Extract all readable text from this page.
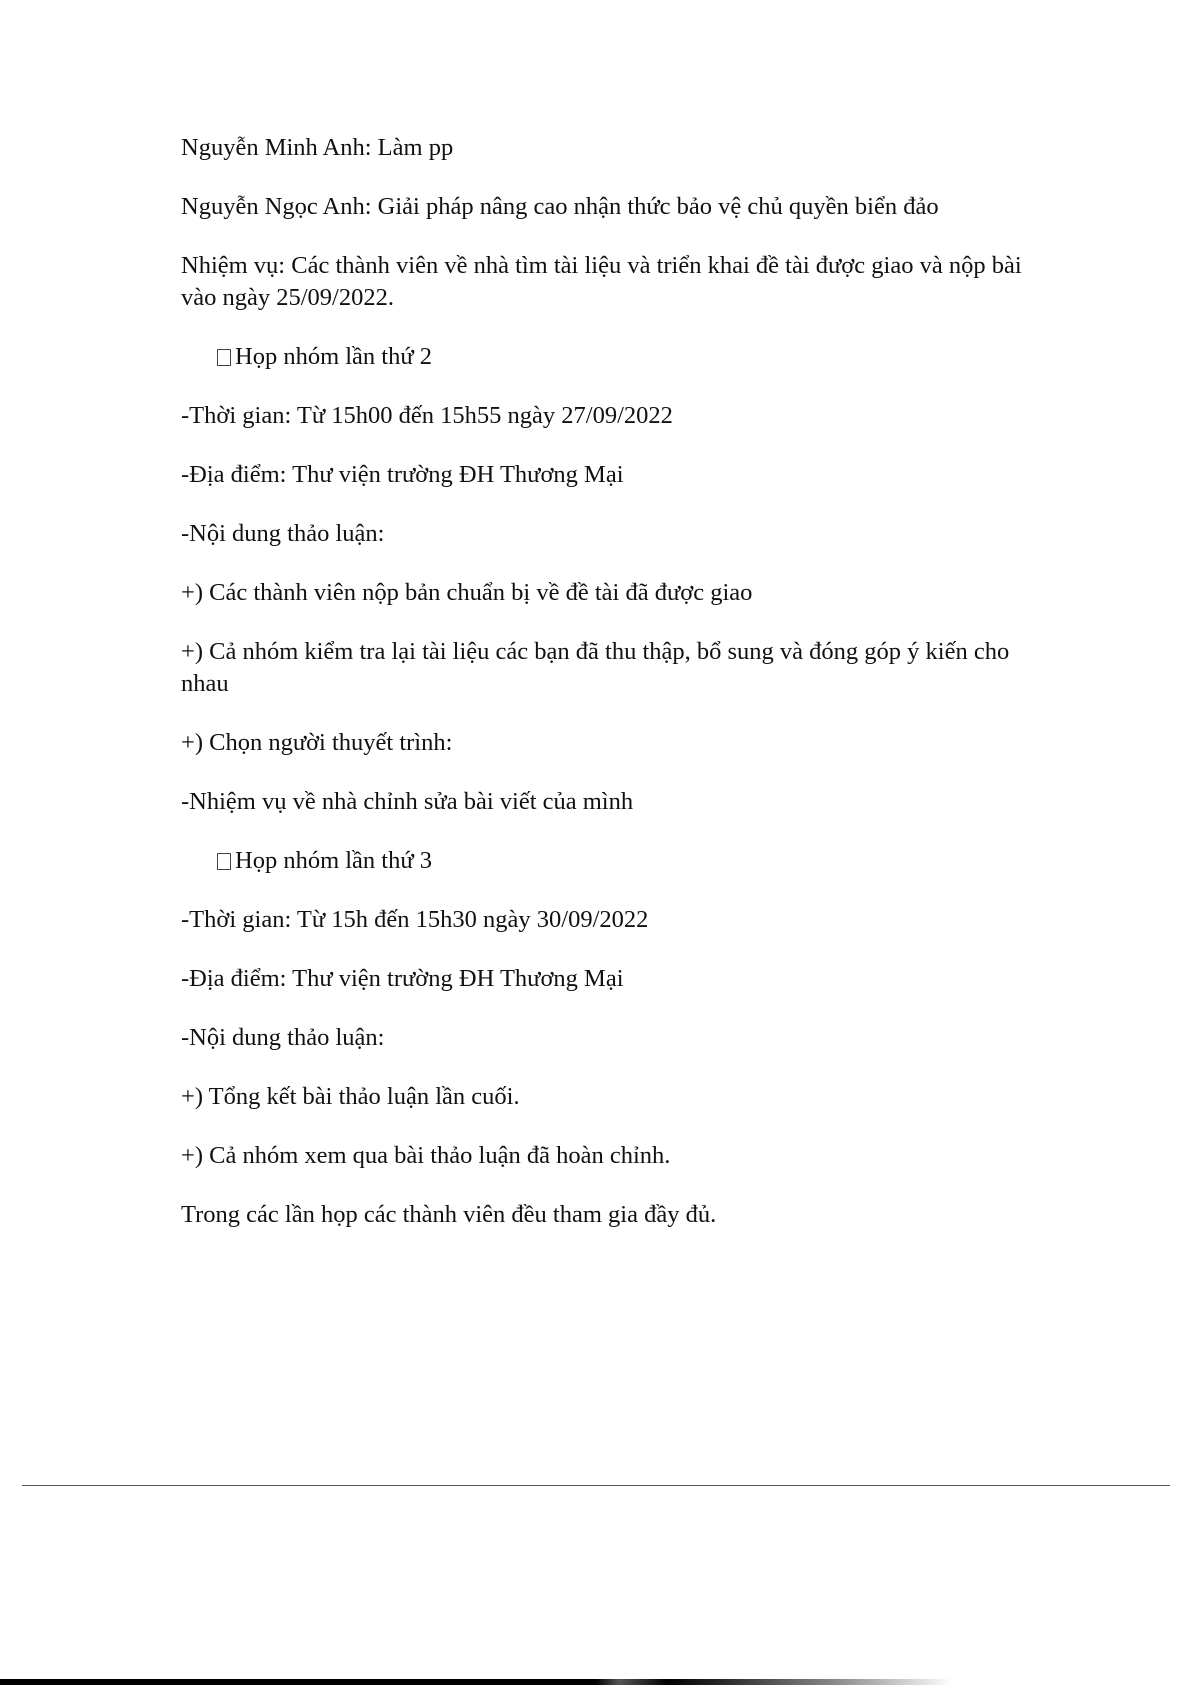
Nguyễn Minh Anh: Làm pp

Nguyễn Ngọc Anh: Giải pháp nâng cao nhận thức bảo vệ chủ quyền biển đảo

Nhiệm vụ: Các thành viên về nhà tìm tài liệu và triển khai đề tài được giao và nộp bài vào ngày 25/09/2022.

Họp nhóm lần thứ 2

-Thời gian: Từ 15h00 đến 15h55 ngày 27/09/2022

-Địa điểm: Thư viện trường ĐH Thương Mại

-Nội dung thảo luận:

+) Các thành viên nộp bản chuẩn bị về đề tài đã được giao

+) Cả nhóm kiểm tra lại tài liệu các bạn đã thu thập, bổ sung và đóng góp ý kiến cho nhau

+) Chọn người thuyết trình:

-Nhiệm vụ về nhà chỉnh sửa bài viết của mình

Họp nhóm lần thứ 3

-Thời gian: Từ 15h đến 15h30 ngày 30/09/2022

-Địa điểm: Thư viện trường ĐH Thương Mại

-Nội dung thảo luận:

+) Tổng kết bài thảo luận lần cuối.

+) Cả nhóm xem qua bài thảo luận đã hoàn chỉnh.

Trong các lần họp các thành viên đều tham gia đầy đủ.
